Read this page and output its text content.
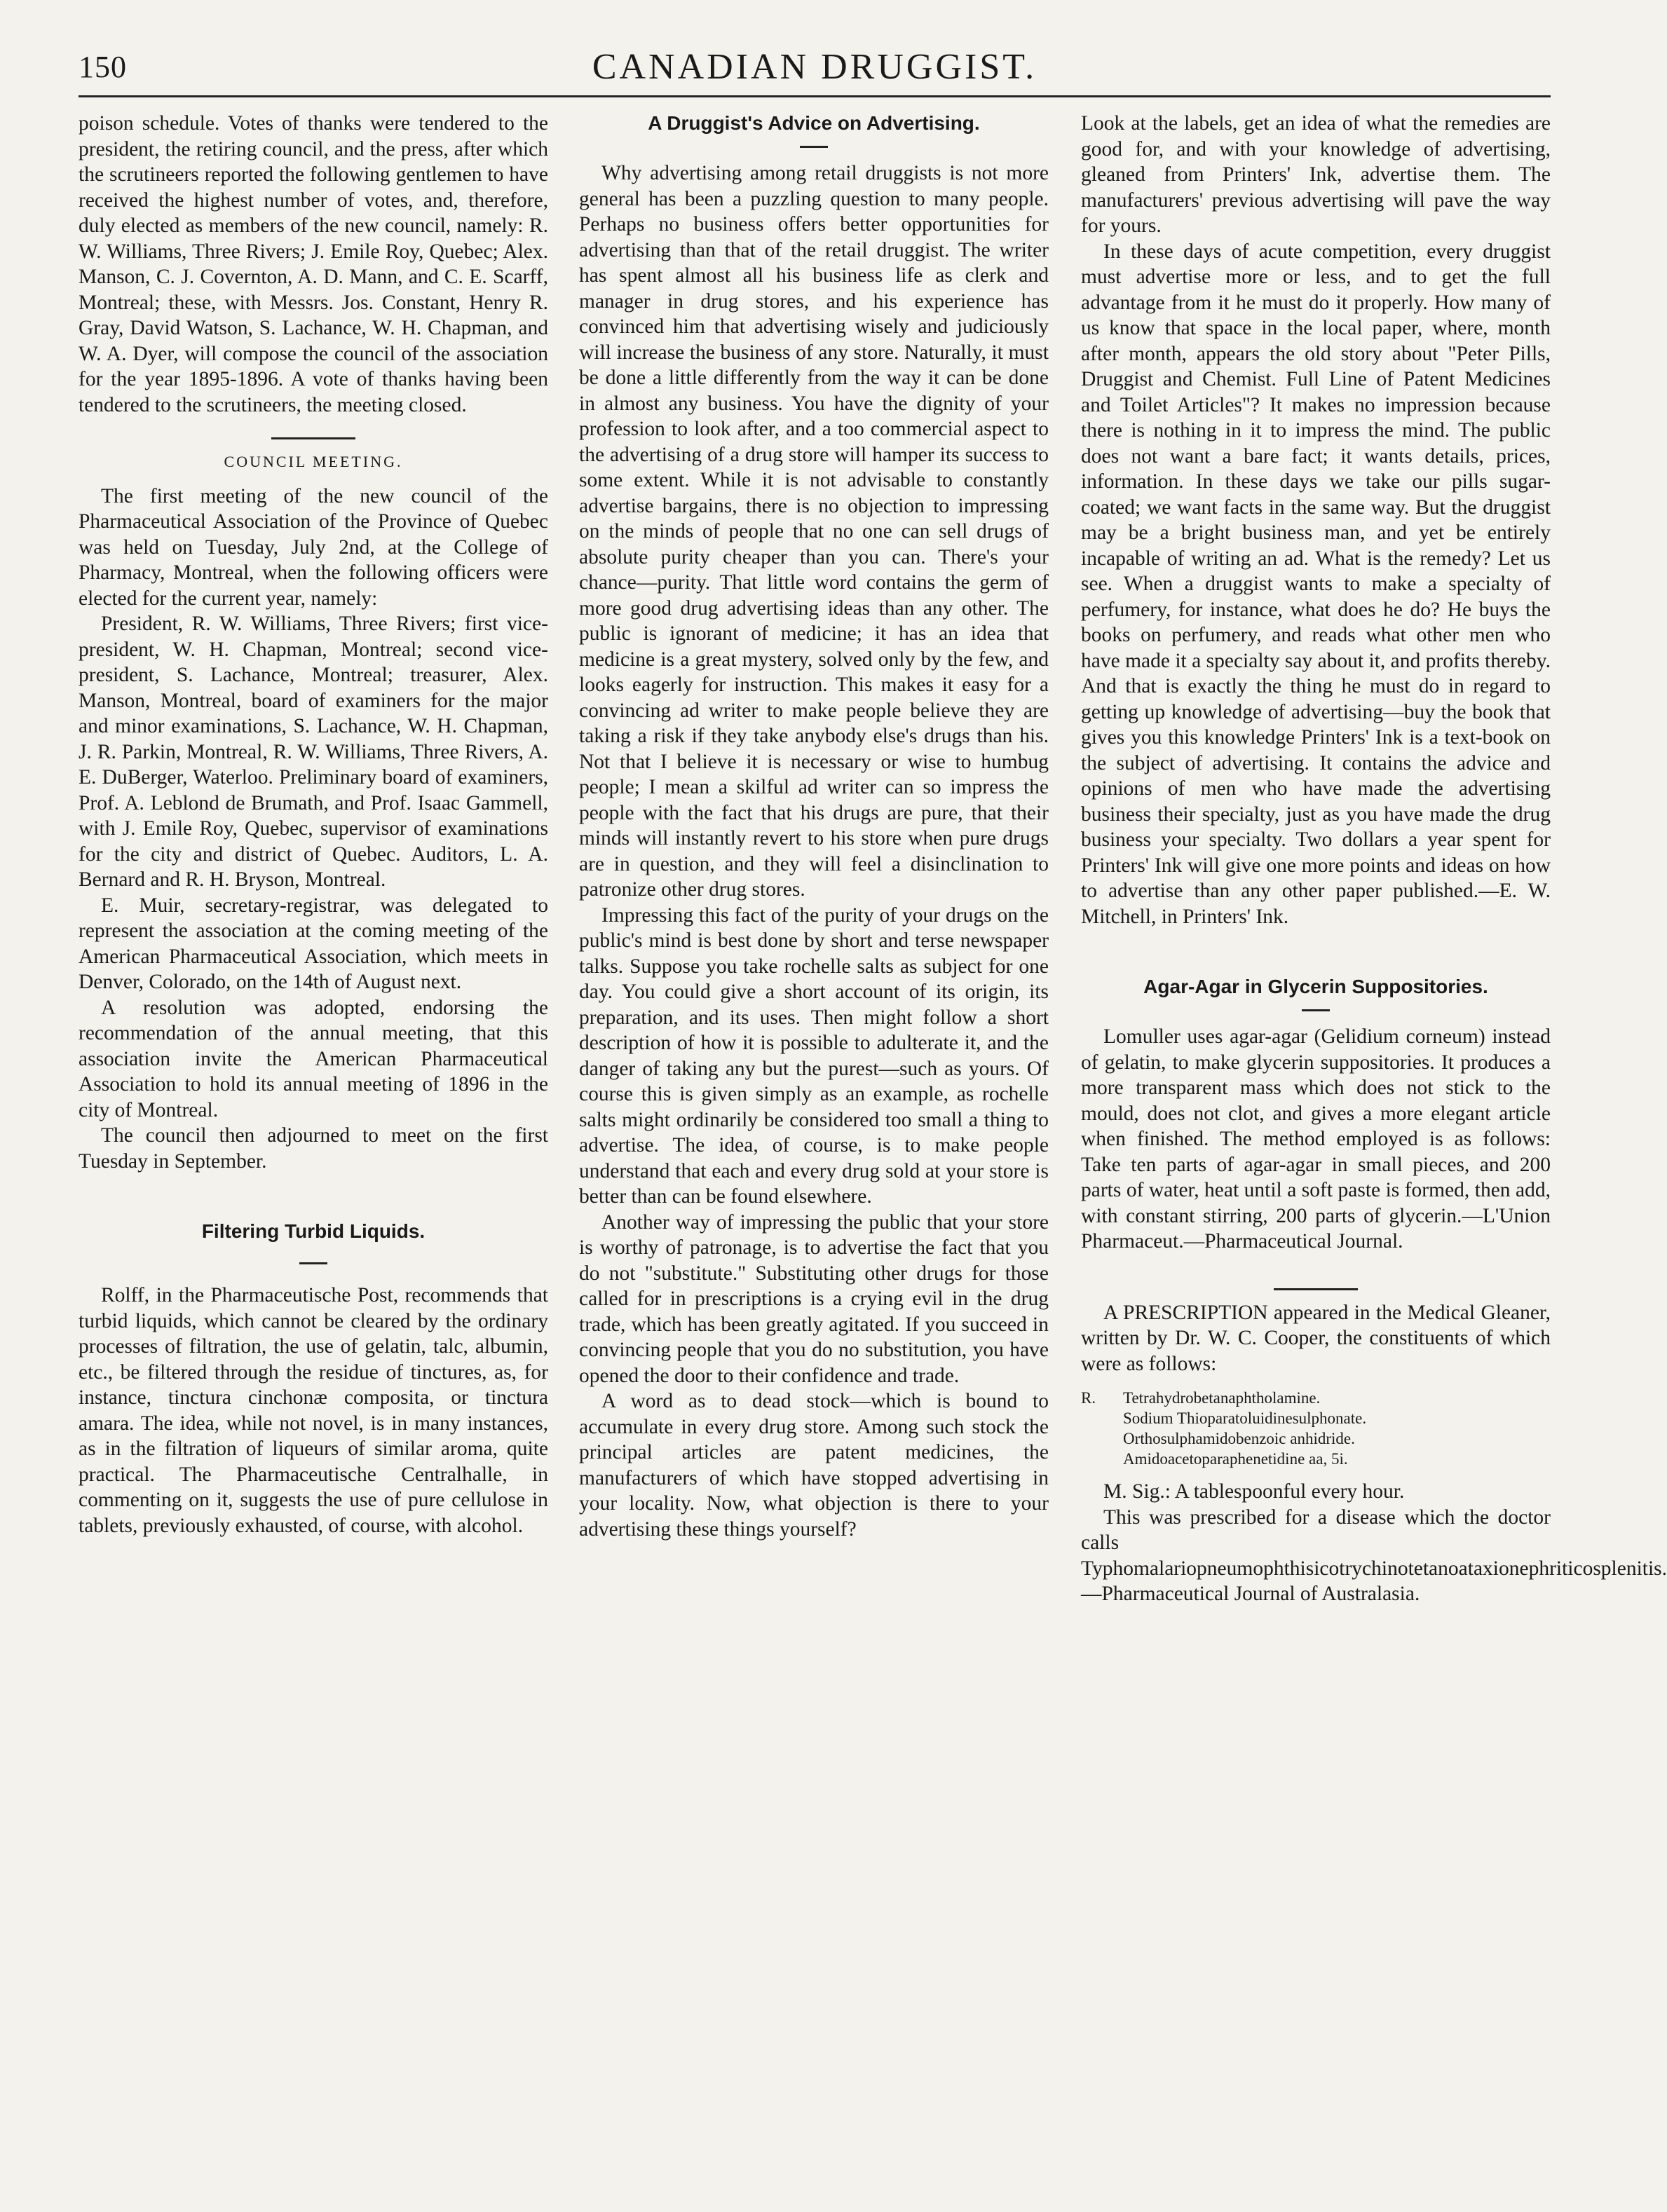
150	CANADIAN DRUGGIST.

poison schedule. Votes of thanks were tendered to the president, the retiring council, and the press, after which the scrutineers reported the following gentlemen to have received the highest number of votes, and, therefore, duly elected as members of the new council, namely: R. W. Williams, Three Rivers; J. Emile Roy, Quebec; Alex. Manson, C. J. Covernton, A. D. Mann, and C. E. Scarff, Montreal; these, with Messrs. Jos. Constant, Henry R. Gray, David Watson, S. Lachance, W. H. Chapman, and W. A. Dyer, will compose the council of the association for the year 1895-1896. A vote of thanks having been tendered to the scrutineers, the meeting closed.

COUNCIL MEETING.

The first meeting of the new council of the Pharmaceutical Association of the Province of Quebec was held on Tuesday, July 2nd, at the College of Pharmacy, Montreal, when the following officers were elected for the current year, namely:

President, R. W. Williams, Three Rivers; first vice-president, W. H. Chapman, Montreal; second vice-president, S. Lachance, Montreal; treasurer, Alex. Manson, Montreal, board of examiners for the major and minor examinations, S. Lachance, W. H. Chapman, J. R. Parkin, Montreal, R. W. Williams, Three Rivers, A. E. DuBerger, Waterloo. Preliminary board of examiners, Prof. A. Leblond de Brumath, and Prof. Isaac Gammell, with J. Emile Roy, Quebec, supervisor of examinations for the city and district of Quebec. Auditors, L. A. Bernard and R. H. Bryson, Montreal.

E. Muir, secretary-registrar, was delegated to represent the association at the coming meeting of the American Pharmaceutical Association, which meets in Denver, Colorado, on the 14th of August next.

A resolution was adopted, endorsing the recommendation of the annual meeting, that this association invite the American Pharmaceutical Association to hold its annual meeting of 1896 in the city of Montreal.

The council then adjourned to meet on the first Tuesday in September.

Filtering Turbid Liquids.

Rolff, in the Pharmaceutische Post, recommends that turbid liquids, which cannot be cleared by the ordinary processes of filtration, the use of gelatin, talc, albumin, etc., be filtered through the residue of tinctures, as, for instance, tinctura cinchonæ composita, or tinctura amara. The idea, while not novel, is in many instances, as in the filtration of liqueurs of similar aroma, quite practical. The Pharmaceutische Centralhalle, in commenting on it, suggests the use of pure cellulose in tablets, previously exhausted, of course, with alcohol.

A Druggist's Advice on Advertising.

Why advertising among retail druggists is not more general has been a puzzling question to many people. Perhaps no business offers better opportunities for advertising than that of the retail druggist. The writer has spent almost all his business life as clerk and manager in drug stores, and his experience has convinced him that advertising wisely and judiciously will increase the business of any store. Naturally, it must be done a little differently from the way it can be done in almost any business. You have the dignity of your profession to look after, and a too commercial aspect to the advertising of a drug store will hamper its success to some extent. While it is not advisable to constantly advertise bargains, there is no objection to impressing on the minds of people that no one can sell drugs of absolute purity cheaper than you can. There's your chance—purity. That little word contains the germ of more good drug advertising ideas than any other. The public is ignorant of medicine; it has an idea that medicine is a great mystery, solved only by the few, and looks eagerly for instruction. This makes it easy for a convincing ad writer to make people believe they are taking a risk if they take anybody else's drugs than his. Not that I believe it is necessary or wise to humbug people; I mean a skilful ad writer can so impress the people with the fact that his drugs are pure, that their minds will instantly revert to his store when pure drugs are in question, and they will feel a disinclination to patronize other drug stores.

Impressing this fact of the purity of your drugs on the public's mind is best done by short and terse newspaper talks. Suppose you take rochelle salts as subject for one day. You could give a short account of its origin, its preparation, and its uses. Then might follow a short description of how it is possible to adulterate it, and the danger of taking any but the purest—such as yours. Of course this is given simply as an example, as rochelle salts might ordinarily be considered too small a thing to advertise. The idea, of course, is to make people understand that each and every drug sold at your store is better than can be found elsewhere.

Another way of impressing the public that your store is worthy of patronage, is to advertise the fact that you do not "substitute." Substituting other drugs for those called for in prescriptions is a crying evil in the drug trade, which has been greatly agitated. If you succeed in convincing people that you do no substitution, you have opened the door to their confidence and trade.

A word as to dead stock—which is bound to accumulate in every drug store. Among such stock the principal articles are patent medicines, the manufacturers of which have stopped advertising in your locality. Now, what objection is there to your advertising these things yourself?

Look at the labels, get an idea of what the remedies are good for, and with your knowledge of advertising, gleaned from Printers' Ink, advertise them. The manufacturers' previous advertising will pave the way for yours.

In these days of acute competition, every druggist must advertise more or less, and to get the full advantage from it he must do it properly. How many of us know that space in the local paper, where, month after month, appears the old story about "Peter Pills, Druggist and Chemist. Full Line of Patent Medicines and Toilet Articles"? It makes no impression because there is nothing in it to impress the mind. The public does not want a bare fact; it wants details, prices, information. In these days we take our pills sugar-coated; we want facts in the same way. But the druggist may be a bright business man, and yet be entirely incapable of writing an ad. What is the remedy? Let us see. When a druggist wants to make a specialty of perfumery, for instance, what does he do? He buys the books on perfumery, and reads what other men who have made it a specialty say about it, and profits thereby. And that is exactly the thing he must do in regard to getting up knowledge of advertising—buy the book that gives you this knowledge Printers' Ink is a text-book on the subject of advertising. It contains the advice and opinions of men who have made the advertising business their specialty, just as you have made the drug business your specialty. Two dollars a year spent for Printers' Ink will give one more points and ideas on how to advertise than any other paper published.—E. W. Mitchell, in Printers' Ink.

Agar-Agar in Glycerin Suppositories.

Lomuller uses agar-agar (Gelidium corneum) instead of gelatin, to make glycerin suppositories. It produces a more transparent mass which does not stick to the mould, does not clot, and gives a more elegant article when finished. The method employed is as follows: Take ten parts of agar-agar in small pieces, and 200 parts of water, heat until a soft paste is formed, then add, with constant stirring, 200 parts of glycerin.—L'Union Pharmaceut.—Pharmaceutical Journal.

A PRESCRIPTION appeared in the Medical Gleaner, written by Dr. W. C. Cooper, the constituents of which were as follows:

R.	Tetrahydrobetanaphtholamine.
Sodium Thioparatoluidinesulphonate.
Orthosulphamidobenzoic anhidride.
Amidoacetoparaphenetidine aa, 5i.

M. Sig.: A tablespoonful every hour.

This was prescribed for a disease which the doctor calls Typhomalariopneumophthisicotrychinotetanoataxionephriticosplenitis.—Pharmaceutical Journal of Australasia.
